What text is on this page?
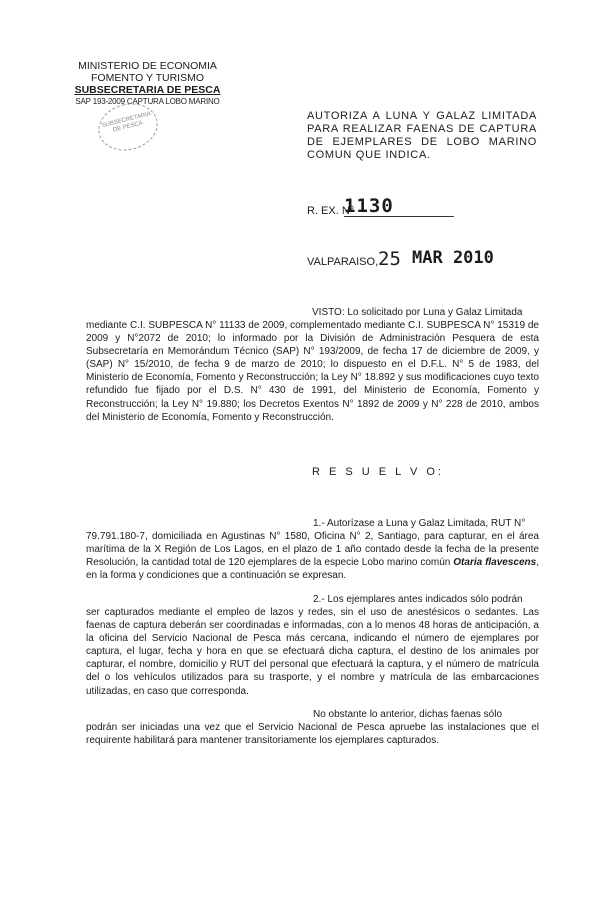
MINISTERIO DE ECONOMIA
FOMENTO Y TURISMO
SUBSECRETARIA DE PESCA
SAP 193-2009 CAPTURA LOBO MARINO
SUBSECRETARIA DE PESCA
AUTORIZA A LUNA Y GALAZ LIMITADA PARA REALIZAR FAENAS DE CAPTURA DE EJEMPLARES DE LOBO MARINO COMUN QUE INDICA.
R. EX. N°
1130
VALPARAISO, 25 MAR 2010
VISTO: Lo solicitado por Luna y Galaz Limitada
mediante C.I. SUBPESCA N° 11133 de 2009, complementado mediante C.I. SUBPESCA N° 15319 de 2009 y N°2072 de 2010; lo informado por la División de Administración Pesquera de esta Subsecretaría en Memorándum Técnico (SAP) N° 193/2009, de fecha 17 de diciembre de 2009, y (SAP) N° 15/2010, de fecha 9 de marzo de 2010; lo dispuesto en el D.F.L. N° 5 de 1983, del Ministerio de Economía, Fomento y Reconstrucción; la Ley N° 18.892 y sus modificaciones cuyo texto refundido fue fijado por el D.S. N° 430 de 1991, del Ministerio de Economía, Fomento y Reconstrucción; la Ley N° 19.880; los Decretos Exentos N° 1892 de 2009 y N° 228 de 2010, ambos del Ministerio de Economía, Fomento y Reconstrucción.
R E S U E L V O:
1.- Autorízase a Luna y Galaz Limitada, RUT N°
79.791.180-7, domiciliada en Agustinas N° 1580, Oficina N° 2, Santiago, para capturar, en el área marítima de la X Región de Los Lagos, en el plazo de 1 año contado desde la fecha de la presente Resolución, la cantidad total de 120 ejemplares de la especie Lobo marino común Otaria flavescens, en la forma y condiciones que a continuación se expresan.
2.- Los ejemplares antes indicados sólo podrán
ser capturados mediante el empleo de lazos y redes, sin el uso de anestésicos o sedantes. Las faenas de captura deberán ser coordinadas e informadas, con a lo menos 48 horas de anticipación, a la oficina del Servicio Nacional de Pesca más cercana, indicando el número de ejemplares por captura, el lugar, fecha y hora en que se efectuará dicha captura, el destino de los animales por capturar, el nombre, domicilio y RUT del personal que efectuará la captura, y el número de matrícula del o los vehículos utilizados para su trasporte, y el nombre y matrícula de las embarcaciones utilizadas, en caso que corresponda.
No obstante lo anterior, dichas faenas sólo
podrán ser iniciadas una vez que el Servicio Nacional de Pesca apruebe las instalaciones que el requirente habilitará para mantener transitoriamente los ejemplares capturados.
